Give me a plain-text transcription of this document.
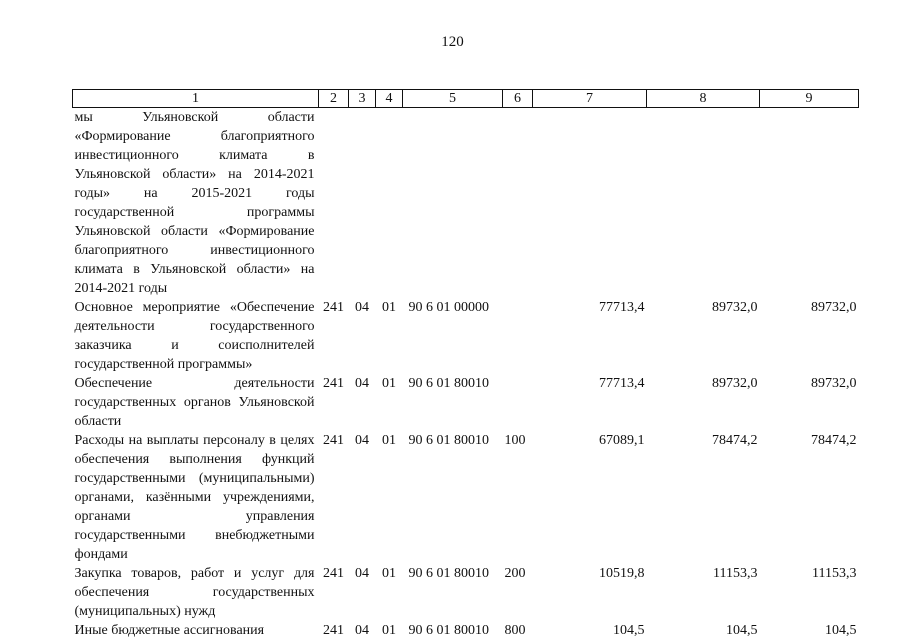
120
1	2	3	4	5	6	7	8	9
мы Ульяновской области «Формирование благоприятного инвестиционного климата в Ульяновской области» на 2014-2021 годы» на 2015-2021 годы государственной программы Ульяновской области «Формирование благоприятного инвестиционного климата в Ульяновской области» на 2014-2021 годы								
Основное мероприятие «Обеспечение деятельности государственного заказчика и соисполнителей государственной программы»	241	04	01	90 6 01 00000		77713,4	89732,0	89732,0
Обеспечение деятельности государственных органов Ульяновской области	241	04	01	90 6 01 80010		77713,4	89732,0	89732,0
Расходы на выплаты персоналу в целях обеспечения выполнения функций государственными (муниципальными) органами, казёнными учреждениями, органами управления государственными внебюджетными фондами	241	04	01	90 6 01 80010	100	67089,1	78474,2	78474,2
Закупка товаров, работ и услуг для обеспечения государственных (муниципальных) нужд	241	04	01	90 6 01 80010	200	10519,8	11153,3	11153,3
Иные бюджетные ассигнования	241	04	01	90 6 01 80010	800	104,5	104,5	104,5
